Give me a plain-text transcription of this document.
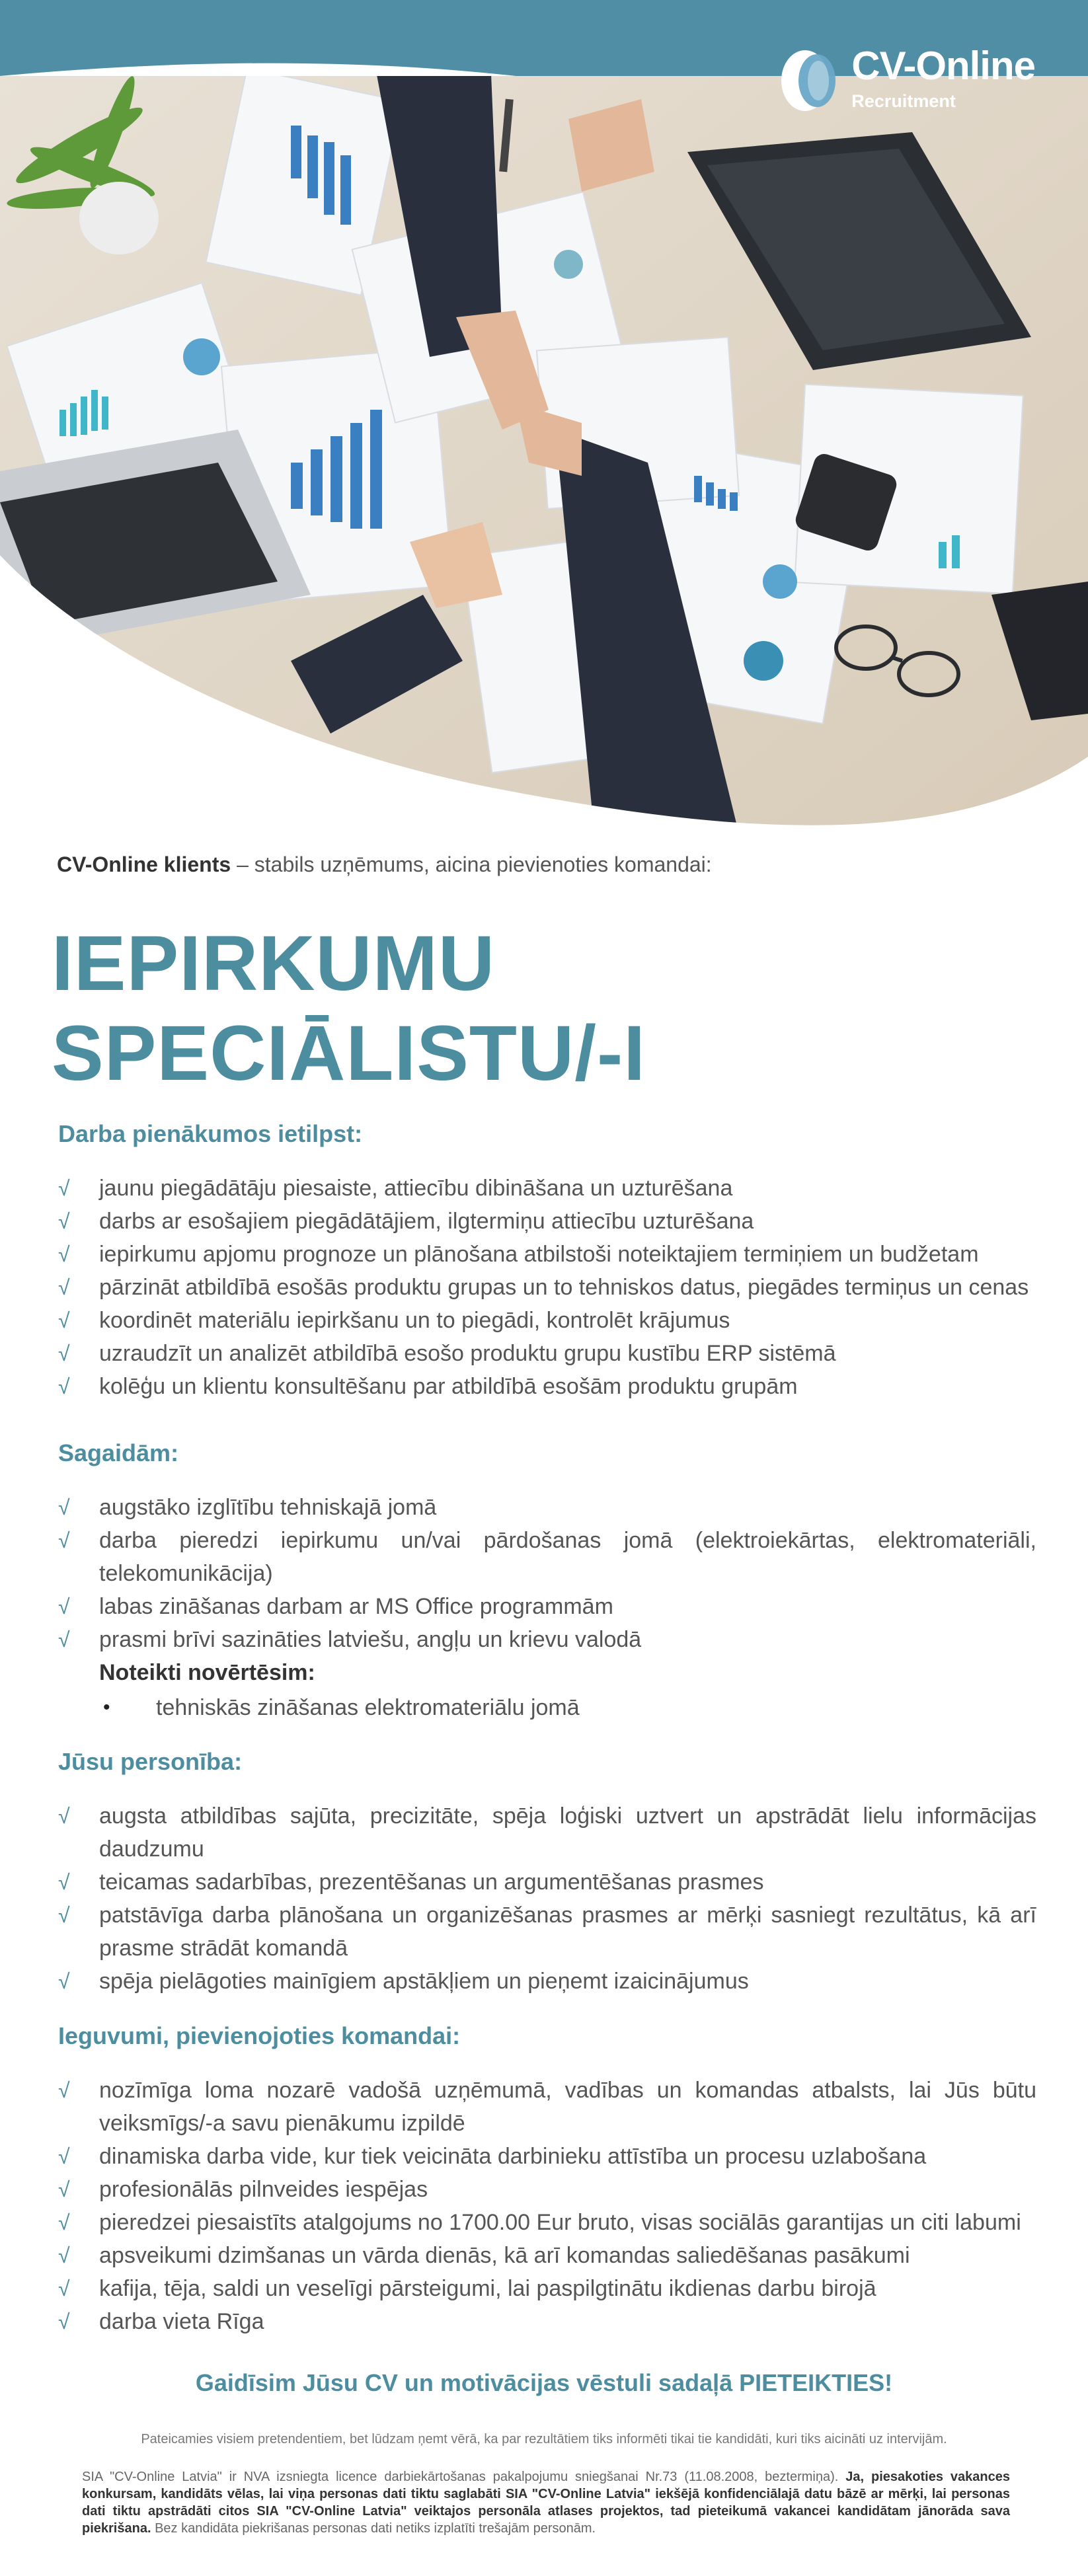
CV-Online
Recruitment
CV-Online klients – stabils uzņēmums, aicina pievienoties komandai:
IEPIRKUMU
SPECIĀLISTU/-I
Darba pienākumos ietilpst:
√ jaunu piegādātāju piesaiste, attiecību dibināšana un uzturēšana
√ darbs ar esošajiem piegādātājiem, ilgtermiņu attiecību uzturēšana
√ iepirkumu apjomu prognoze un plānošana atbilstoši noteiktajiem termiņiem un budžetam
√ pārzināt atbildībā esošās produktu grupas un to tehniskos datus, piegādes termiņus un cenas
√ koordinēt materiālu iepirkšanu un to piegādi, kontrolēt krājumus
√ uzraudzīt un analizēt atbildībā esošo produktu grupu kustību ERP sistēmā
√ kolēģu un klientu konsultēšanu par atbildībā esošām produktu grupām
Sagaidām:
√ augstāko izglītību tehniskajā jomā
√ darba pieredzi iepirkumu un/vai pārdošanas jomā (elektroiekārtas, elektromateriāli, telekomunikācija)
√ labas zināšanas darbam ar MS Office programmām
√ prasmi brīvi sazināties latviešu, angļu un krievu valodā
Noteikti novērtēsim:
• tehniskās zināšanas elektromateriālu jomā
Jūsu personība:
√ augsta atbildības sajūta, precizitāte, spēja loģiski uztvert un apstrādāt lielu informācijas daudzumu
√ teicamas sadarbības, prezentēšanas un argumentēšanas prasmes
√ patstāvīga darba plānošana un organizēšanas prasmes ar mērķi sasniegt rezultātus, kā arī prasme strādāt komandā
√ spēja pielāgoties mainīgiem apstākļiem un pieņemt izaicinājumus
Ieguvumi, pievienojoties komandai:
√ nozīmīga loma nozarē vadošā uzņēmumā, vadības un komandas atbalsts, lai Jūs būtu veiksmīgs/-a savu pienākumu izpildē
√ dinamiska darba vide, kur tiek veicināta darbinieku attīstība un procesu uzlabošana
√ profesionālās pilnveides iespējas
√ pieredzei piesaistīts atalgojums no 1700.00 Eur bruto, visas sociālās garantijas un citi labumi
√ apsveikumi dzimšanas un vārda dienās, kā arī komandas saliedēšanas pasākumi
√ kafija, tēja, saldi un veselīgi pārsteigumi, lai paspilgtinātu ikdienas darbu birojā
√ darba vieta Rīga
Gaidīsim Jūsu CV un motivācijas vēstuli sadaļā PIETEIKTIES!
Pateicamies visiem pretendentiem, bet lūdzam ņemt vērā, ka par rezultātiem tiks informēti tikai tie kandidāti, kuri tiks aicināti uz intervijām.
SIA "CV-Online Latvia" ir NVA izsniegta licence darbiekārtošanas pakalpojumu sniegšanai Nr.73 (11.08.2008, beztermiņa). Ja, piesakoties vakances konkursam, kandidāts vēlas, lai viņa personas dati tiktu saglabāti SIA "CV-Online Latvia" iekšējā konfidenciālajā datu bāzē ar mērķi, lai personas dati tiktu apstrādāti citos SIA "CV-Online Latvia" veiktajos personāla atlases projektos, tad pieteikumā vakancei kandidātam jānorāda sava piekrišana. Bez kandidāta piekrišanas personas dati netiks izplatīti trešajām personām.
